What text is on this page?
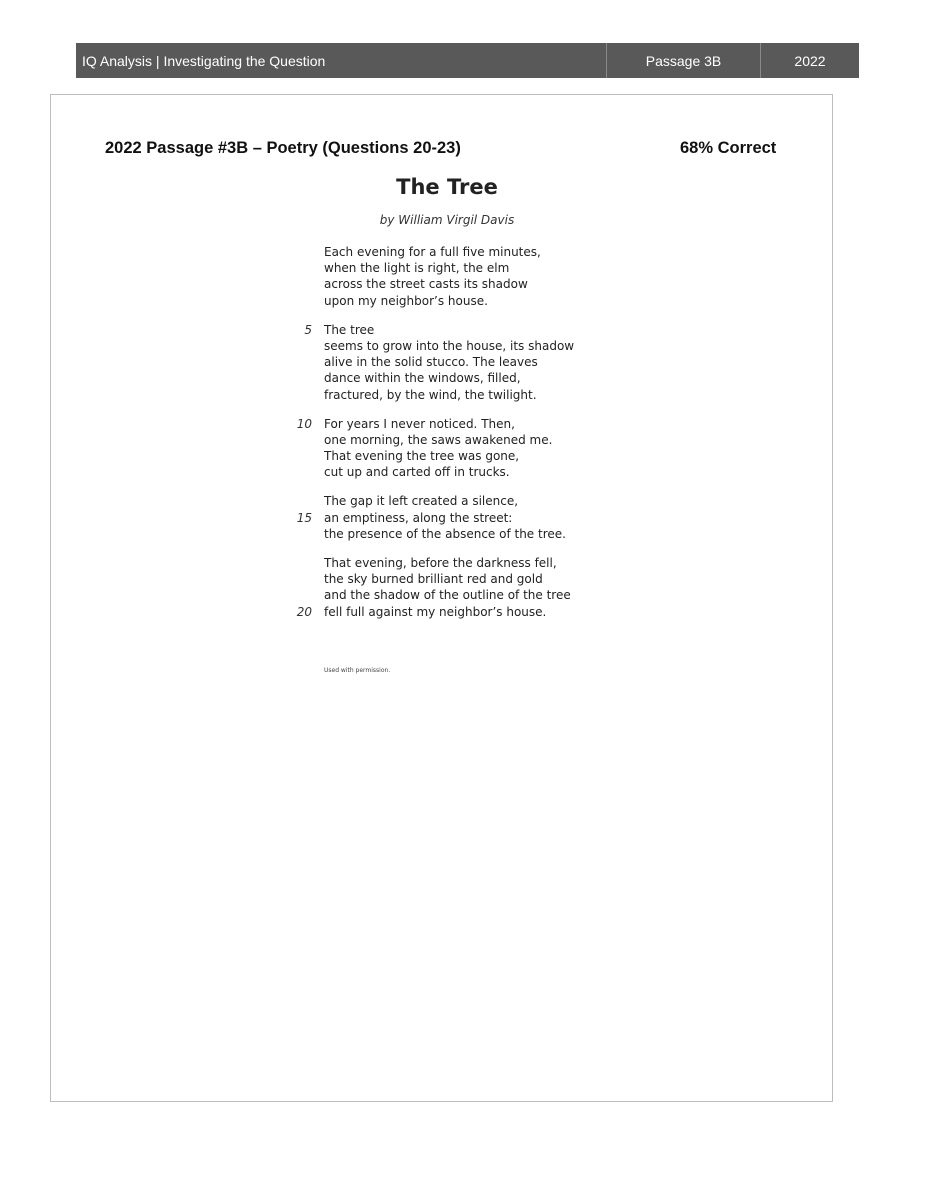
IQ Analysis | Investigating the Question	Passage 3B	2022
2022 Passage #3B – Poetry (Questions 20-23)	68% Correct
The Tree
by William Virgil Davis
Each evening for a full five minutes,
when the light is right, the elm
across the street casts its shadow
upon my neighbor’s house.
5 The tree
seems to grow into the house, its shadow
alive in the solid stucco. The leaves
dance within the windows, filled,
fractured, by the wind, the twilight.
10 For years I never noticed. Then,
one morning, the saws awakened me.
That evening the tree was gone,
cut up and carted off in trucks.
The gap it left created a silence,
15 an emptiness, along the street:
the presence of the absence of the tree.
That evening, before the darkness fell,
the sky burned brilliant red and gold
and the shadow of the outline of the tree
20 fell full against my neighbor’s house.
Used with permission.
